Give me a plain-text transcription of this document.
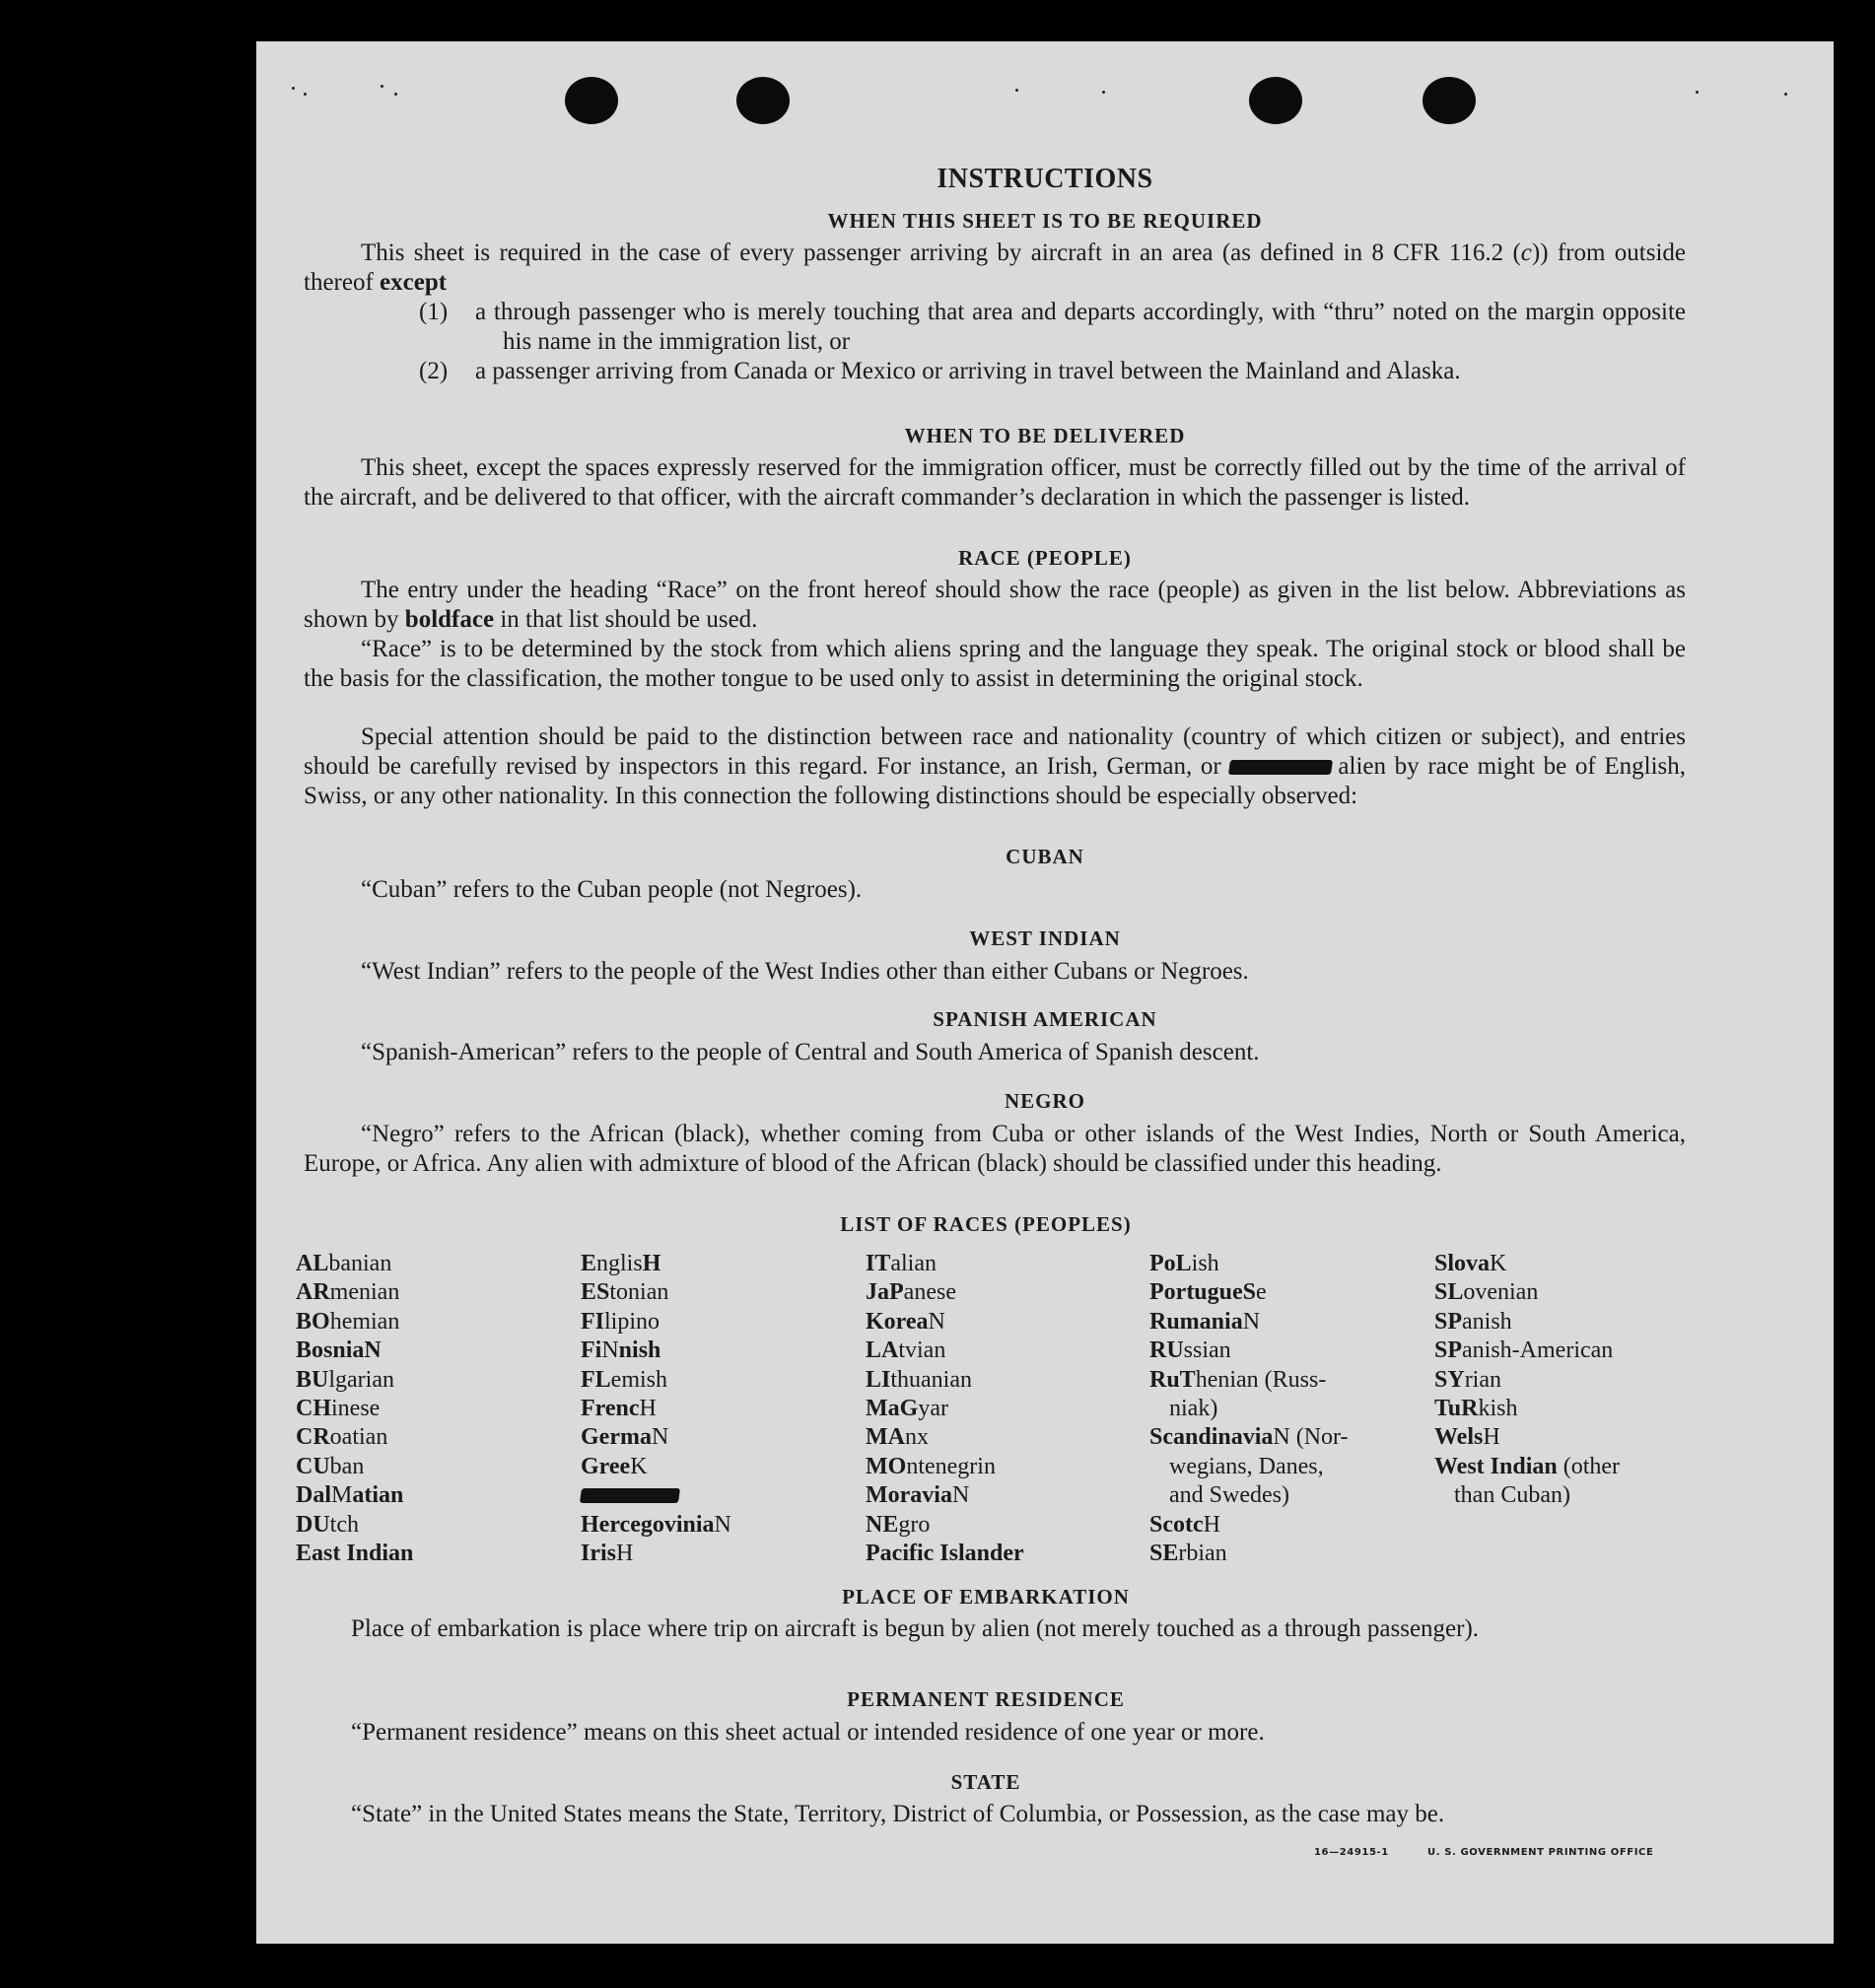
INSTRUCTIONS
WHEN THIS SHEET IS TO BE REQUIRED
This sheet is required in the case of every passenger arriving by aircraft in an area (as defined in 8 CFR 116.2 (c)) from outside thereof except
(1) a through passenger who is merely touching that area and departs accordingly, with “thru” noted on the margin opposite his name in the immigration list, or
(2) a passenger arriving from Canada or Mexico or arriving in travel between the Mainland and Alaska.
WHEN TO BE DELIVERED
This sheet, except the spaces expressly reserved for the immigration officer, must be correctly filled out by the time of the arrival of the aircraft, and be delivered to that officer, with the aircraft commander’s declaration in which the passenger is listed.
RACE (PEOPLE)
The entry under the heading “Race” on the front hereof should show the race (people) as given in the list below. Abbreviations as shown by boldface in that list should be used.
“Race” is to be determined by the stock from which aliens spring and the language they speak. The original stock or blood shall be the basis for the classification, the mother tongue to be used only to assist in determining the original stock.
Special attention should be paid to the distinction between race and nationality (country of which citizen or subject), and entries should be carefully revised by inspectors in this regard. For instance, an Irish, German, or	alien by race might be of English, Swiss, or any other nationality. In this connection the following distinctions should be especially observed:
CUBAN
“Cuban” refers to the Cuban people (not Negroes).
WEST INDIAN
“West Indian” refers to the people of the West Indies other than either Cubans or Negroes.
SPANISH AMERICAN
“Spanish-American” refers to the people of Central and South America of Spanish descent.
NEGRO
“Negro” refers to the African (black), whether coming from Cuba or other islands of the West Indies, North or South America, Europe, or Africa. Any alien with admixture of blood of the African (black) should be classified under this heading.
LIST OF RACES (PEOPLES)
ALbanian
ARmenian
BOhemian
BosniaN
BUlgarian
CHinese
CRoatian
CUban
DalMatian
DUtch
East Indian
EnglisH
EStonian
FIlipino
FiNnish
FLemish
FrencH
GermaN
GreeK
HercegoviniaN
IrisH
ITalian
JaPanese
KoreaN
LAtvian
LIthuanian
MaGyar
MAnx
MOntenegrin
MoraviaN
NEgro
Pacific Islander
PoLish
PortugueSe
RumaniaN
RUssian
RuThenian (Russ-
niak)
ScandinaviaN (Nor-
wegians, Danes,
and Swedes)
ScotcH
SErbian
SlovaK
SLovenian
SPanish
SPanish-American
SYrian
TuRkish
WelsH
West Indian (other
than Cuban)
PLACE OF EMBARKATION
Place of embarkation is place where trip on aircraft is begun by alien (not merely touched as a through passenger).
PERMANENT RESIDENCE
“Permanent residence” means on this sheet actual or intended residence of one year or more.
STATE
“State” in the United States means the State, Territory, District of Columbia, or Possession, as the case may be.
16—24915-1	U. S. GOVERNMENT PRINTING OFFICE
